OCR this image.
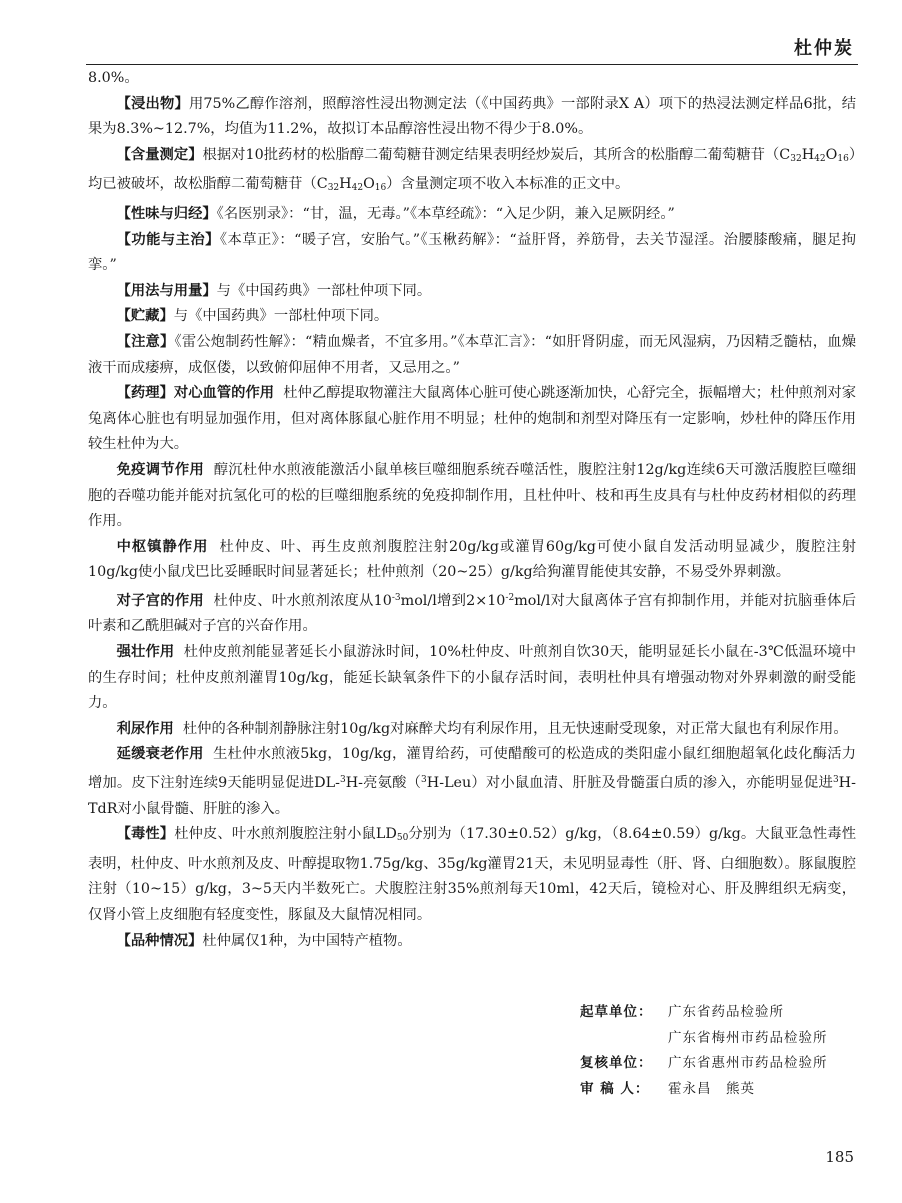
杜仲炭

8.0%。

【浸出物】用75%乙醇作溶剂，照醇溶性浸出物测定法（《中国药典》一部附录X A）项下的热浸法测定样品6批，结果为8.3%~12.7%，均值为11.2%，故拟订本品醇溶性浸出物不得少于8.0%。

【含量测定】根据对10批药材的松脂醇二葡萄糖苷测定结果表明经炒炭后，其所含的松脂醇二葡萄糖苷$(C_{32}H_{42}O_{16})$均已被破坏，故松脂醇二葡萄糖苷$(C_{32}H_{42}O_{16})$含量测定项不收入本标准的正文中。

【性味与归经】《名医别录》：“甘，温，无毒。”《本草经疏》：“入足少阴，兼入足厥阴经。”

【功能与主治】《本草正》：“暖子宫，安胎气。”《玉楸药解》：“益肝肾，养筋骨，去关节湿淫。治腰膝酸痛，腿足拘挛。”

【用法与用量】与《中国药典》一部杜仲项下同。

【贮藏】与《中国药典》一部杜仲项下同。

【注意】《雷公炮制药性解》：“精血燥者，不宜多用。”《本草汇言》：“如肝肾阴虚，而无风湿病，乃因精乏髓枯，血燥液干而成痿痹，成伛偻，以致俯仰屈伸不用者，又忌用之。”

【药理】对心血管的作用 杜仲乙醇提取物灌注大鼠离体心脏可使心跳逐渐加快，心舒完全，振幅增大；杜仲煎剂对家兔离体心脏也有明显加强作用，但对离体豚鼠心脏作用不明显；杜仲的炮制和剂型对降压有一定影响，炒杜仲的降压作用较生杜仲为大。

免疫调节作用 醇沉杜仲水煎液能激活小鼠单核巨噬细胞系统吞噬活性，腹腔注射12g/kg连续6天可激活腹腔巨噬细胞的吞噬功能并能对抗氢化可的松的巨噬细胞系统的免疫抑制作用，且杜仲叶、枝和再生皮具有与杜仲皮药材相似的药理作用。

中枢镇静作用 杜仲皮、叶、再生皮煎剂腹腔注射20g/kg或灌胃60g/kg可使小鼠自发活动明显减少，腹腔注射10g/kg使小鼠戊巴比妥睡眠时间显著延长；杜仲煎剂（20~25）g/kg给狗灌胃能使其安静，不易受外界刺激。

对子宫的作用 杜仲皮、叶水煎剂浓度从$10^{-3}mol/l$增到$2\times 10^{-2}mol/l$对大鼠离体子宫有抑制作用，并能对抗脑垂体后叶素和乙酰胆碱对子宫的兴奋作用。

强壮作用 杜仲皮煎剂能显著延长小鼠游泳时间，10%杜仲皮、叶煎剂自饮30天，能明显延长小鼠在-3℃低温环境中的生存时间；杜仲皮煎剂灌胃10g/kg，能延长缺氧条件下的小鼠存活时间，表明杜仲具有增强动物对外界刺激的耐受能力。

利尿作用 杜仲的各种制剂静脉注射10g/kg对麻醉犬均有利尿作用，且无快速耐受现象，对正常大鼠也有利尿作用。

延缓衰老作用 生杜仲水煎液5kg，10g/kg，灌胃给药，可使醋酸可的松造成的类阳虚小鼠红细胞超氧化歧化酶活力增加。皮下注射连续9天能明显促进DL-$^3$H-亮氨酸（$^3$H-Leu）对小鼠血清、肝脏及骨髓蛋白质的渗入，亦能明显促进$^3$H-TdR对小鼠骨髓、肝脏的渗入。

【毒性】杜仲皮、叶水煎剂腹腔注射小鼠$LD_{50}$分别为（17.30±0.52）g/kg，（8.64±0.59）g/kg。大鼠亚急性毒性表明，杜仲皮、叶水煎剂及皮、叶醇提取物1.75g/kg、35g/kg灌胃21天，未见明显毒性（肝、肾、白细胞数）。豚鼠腹腔注射（10~15）g/kg，3~5天内半数死亡。犬腹腔注射35%煎剂每天10ml，42天后，镜检对心、肝及脾组织无病变，仅肾小管上皮细胞有轻度变性，豚鼠及大鼠情况相同。

【品种情况】杜仲属仅1种，为中国特产植物。

起草单位：	广东省药品检验所
广东省梅州市药品检验所
复核单位：	广东省惠州市药品检验所
审 稿 人：	霍永昌　熊英
185
